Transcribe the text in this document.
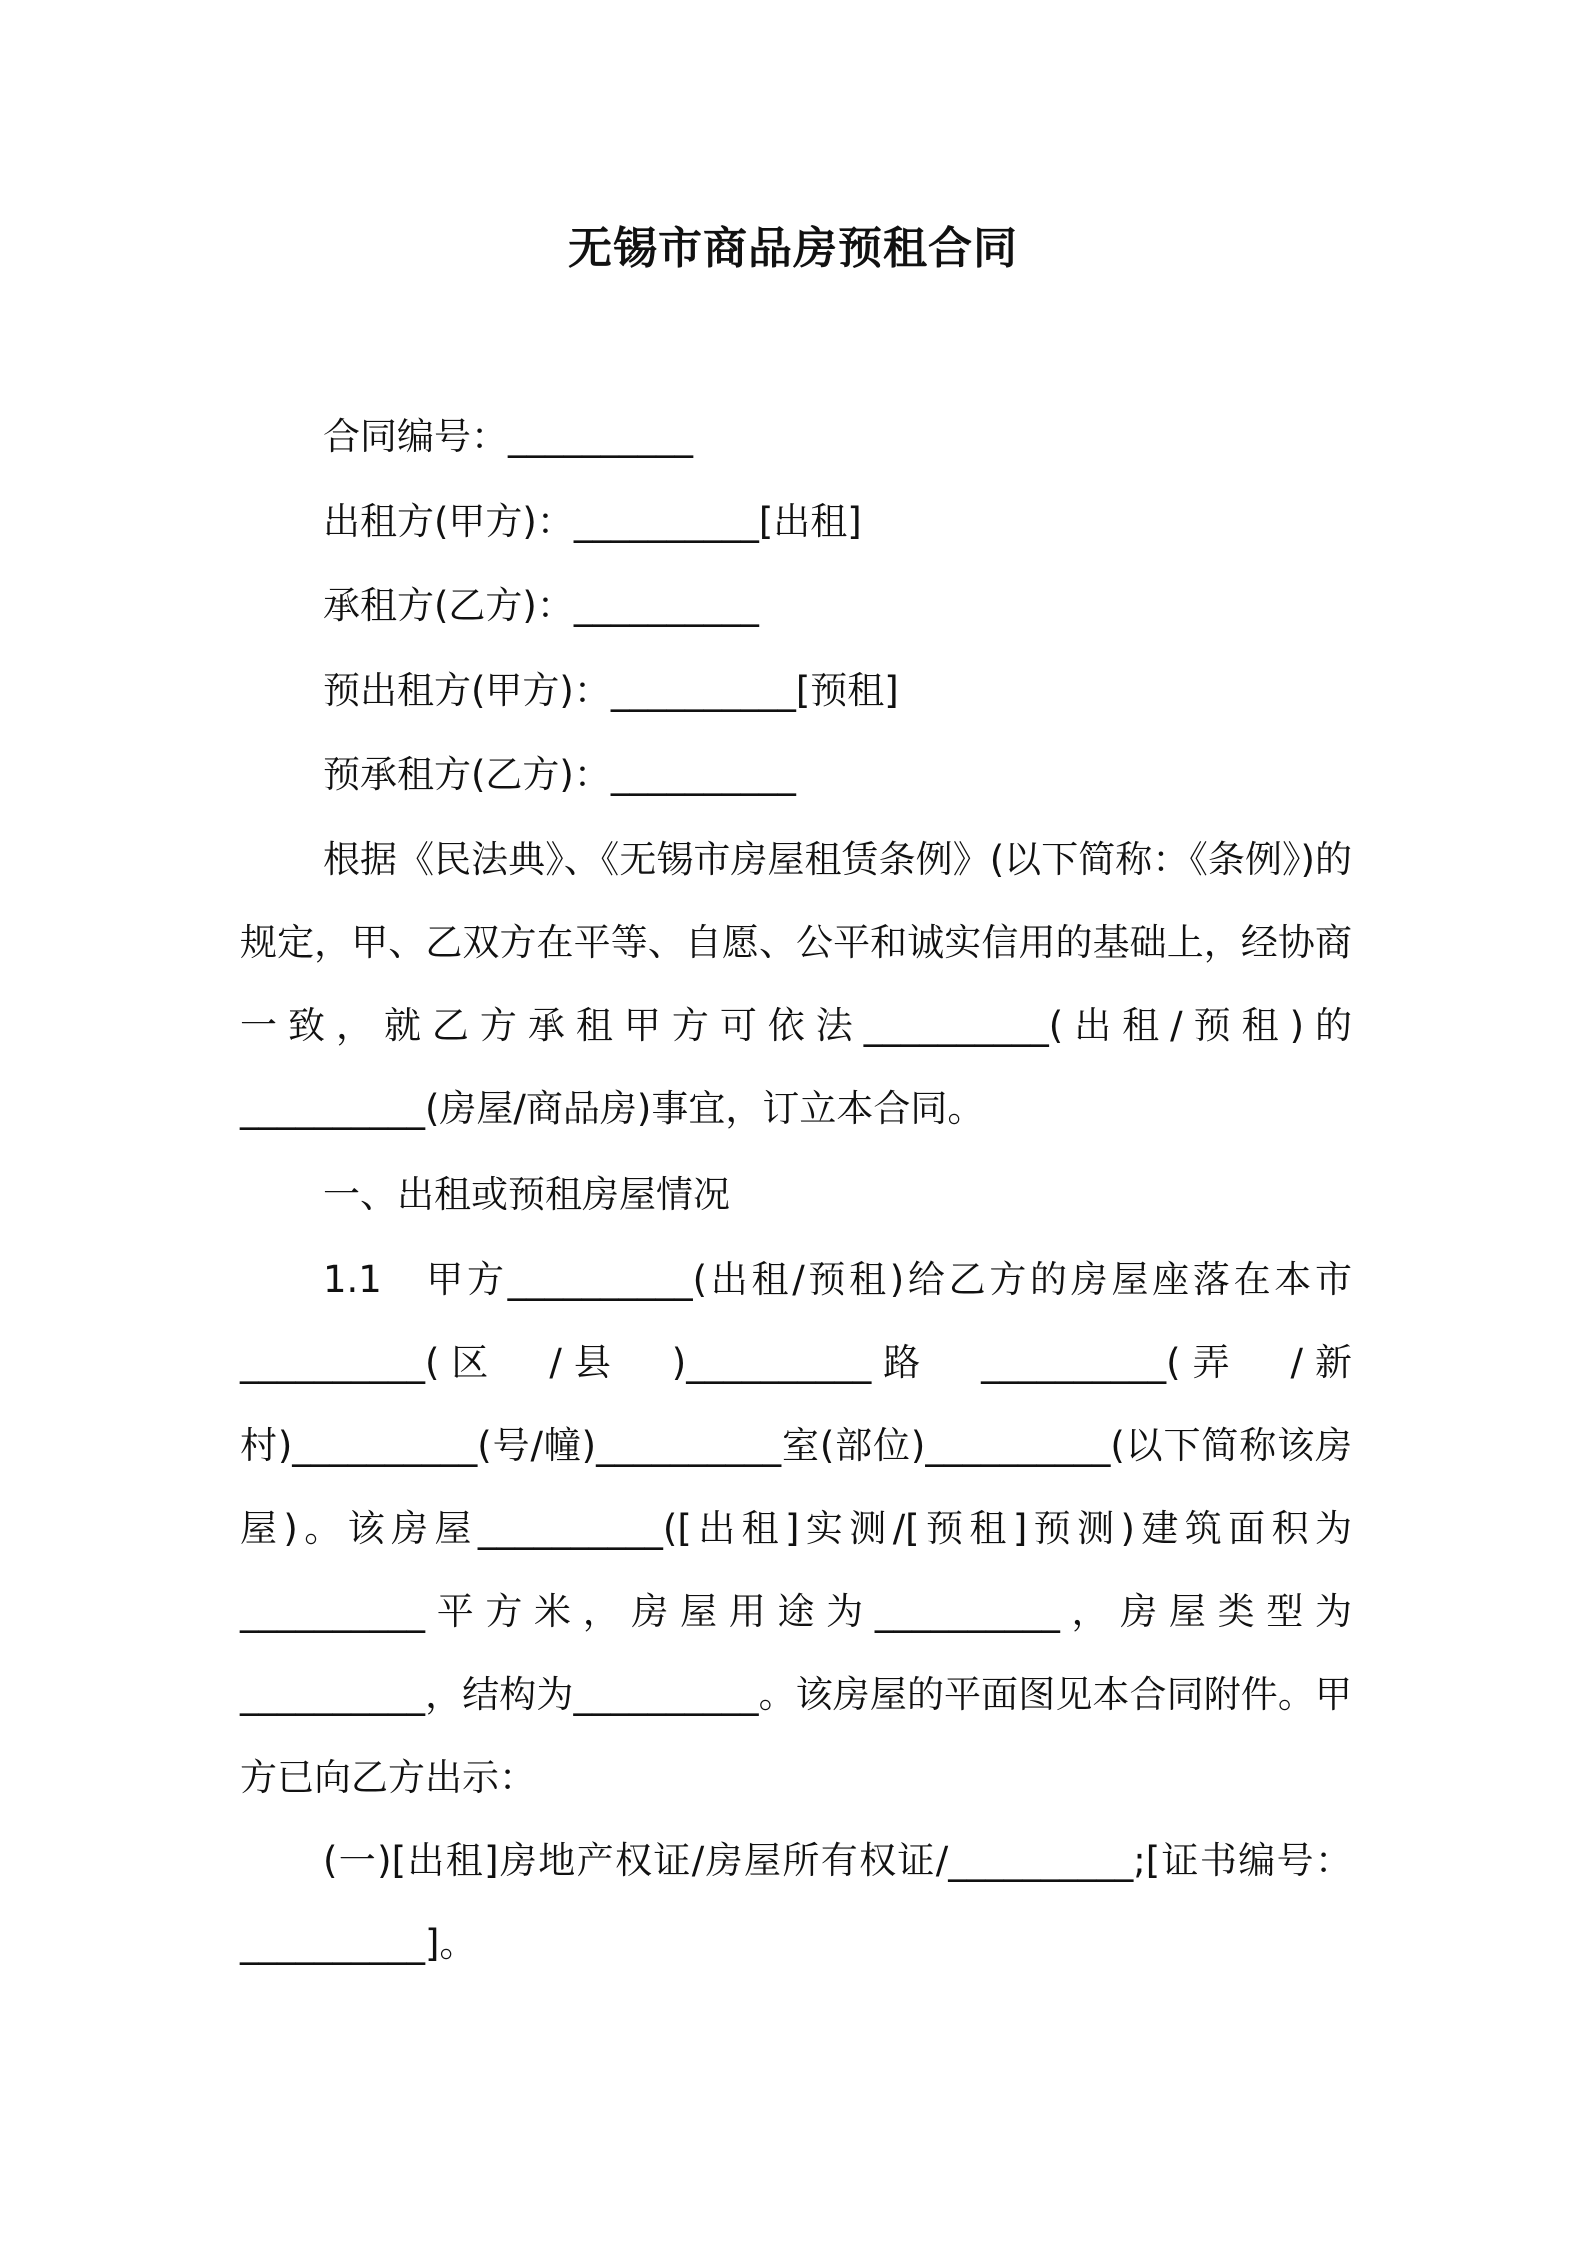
无锡市商品房预租合同
合同编号：__________
出租方(甲方)：__________[出租]
承租方(乙方)：__________
预出租方(甲方)：__________[预租]
预承租方(乙方)：__________

根据《民法典》、《无锡市房屋租赁条例》(以下简称：《条例》)的规定，甲、乙双方在平等、自愿、公平和诚实信用的基础上，经协商一致，就乙方承租甲方可依法__________(出租/预租)的__________(房屋/商品房)事宜，订立本合同。

一、出租或预租房屋情况

1.1　甲方__________(出租/预租)给乙方的房屋座落在本市__________(区　/县　)__________路　__________(弄　/新村)__________(号/幢)__________室(部位)__________(以下简称该房屋)。该房屋__________([出租]实测/[预租]预测)建筑面积为__________平方米，房屋用途为__________，房屋类型为__________，结构为__________。该房屋的平面图见本合同附件。甲方已向乙方出示：

(一)[出租]房地产权证/房屋所有权证/__________;[证书编号：__________]。
